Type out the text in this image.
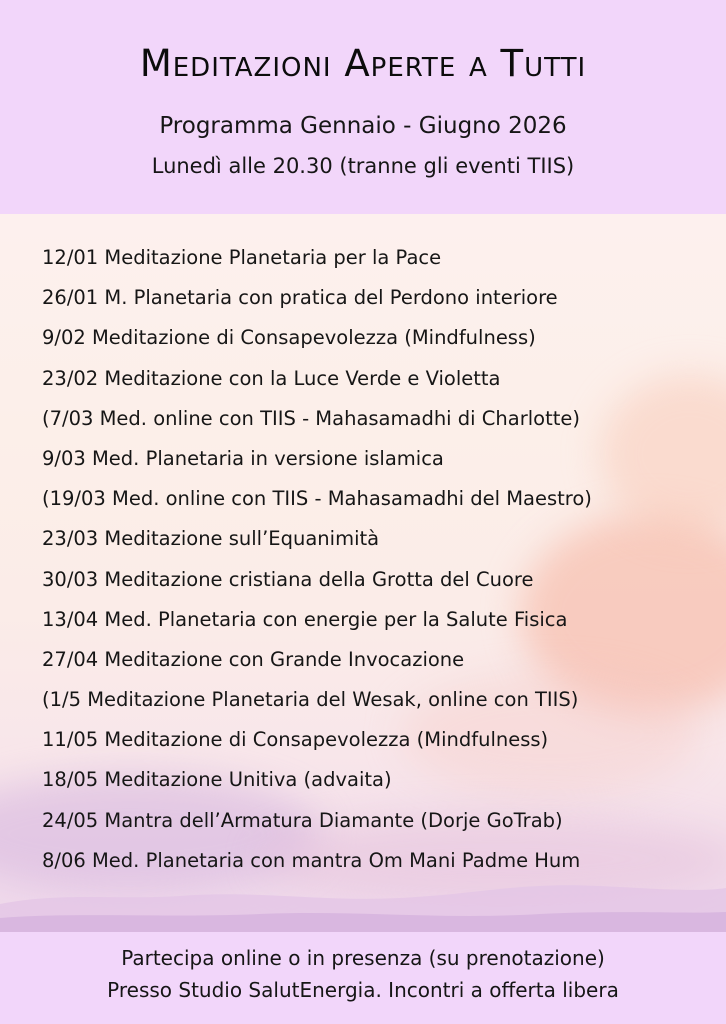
Meditazioni Aperte a Tutti
Programma Gennaio - Giugno 2026
Lunedì alle 20.30 (tranne gli eventi TIIS)
12/01 Meditazione Planetaria per la Pace
26/01 M. Planetaria con pratica del Perdono interiore
9/02 Meditazione di Consapevolezza (Mindfulness)
23/02 Meditazione con la Luce Verde e Violetta
(7/03 Med. online con TIIS - Mahasamadhi di Charlotte)
9/03 Med. Planetaria in versione islamica
(19/03 Med. online con TIIS - Mahasamadhi del Maestro)
23/03 Meditazione sull’Equanimità
30/03 Meditazione cristiana della Grotta del Cuore
13/04 Med. Planetaria con energie per la Salute Fisica
27/04 Meditazione con Grande Invocazione
(1/5 Meditazione Planetaria del Wesak, online con TIIS)
11/05 Meditazione di Consapevolezza (Mindfulness)
18/05 Meditazione Unitiva (advaita)
24/05 Mantra dell’Armatura Diamante (Dorje GoTrab)
8/06 Med. Planetaria con mantra Om Mani Padme Hum
Partecipa online o in presenza (su prenotazione)
Presso Studio SalutEnergia. Incontri a offerta libera
